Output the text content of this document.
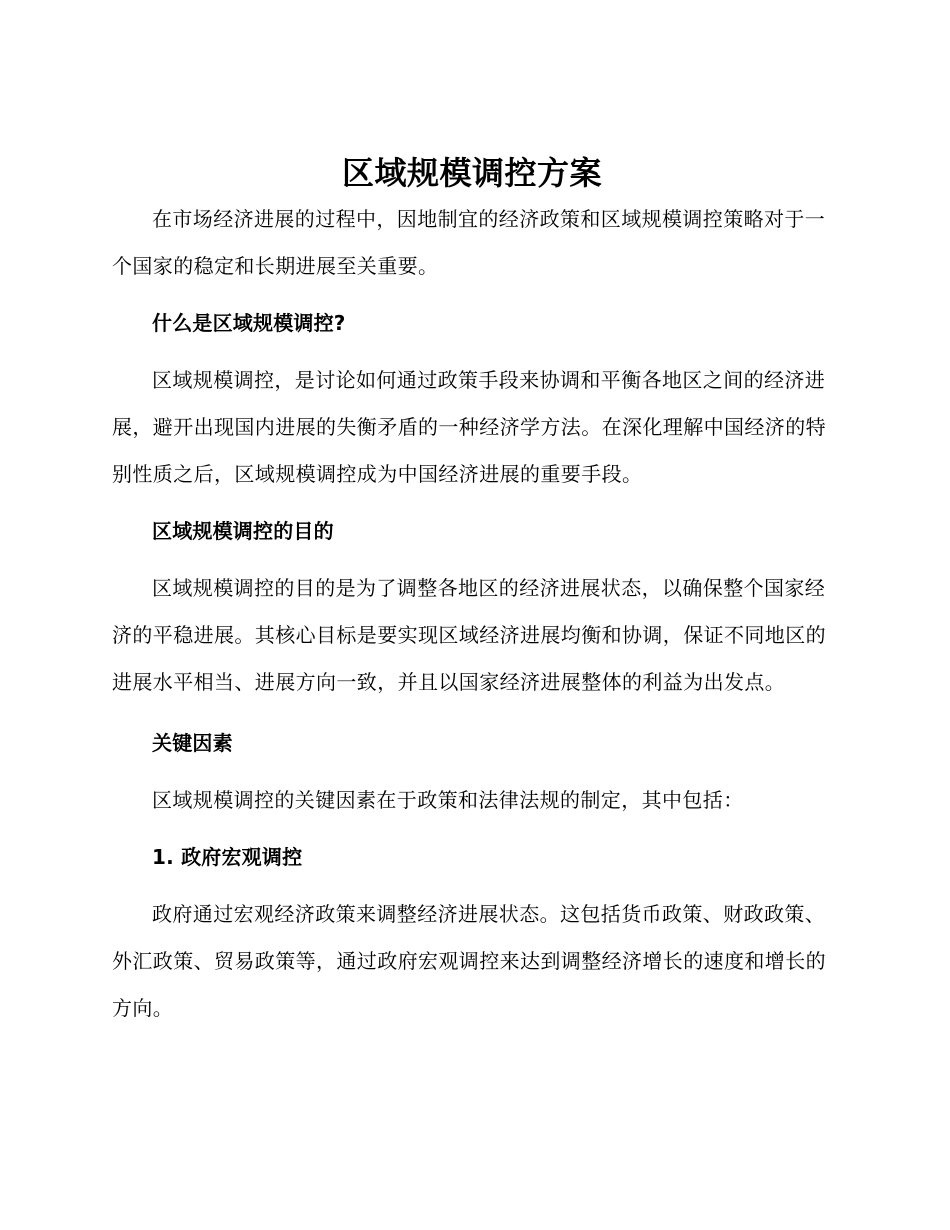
区域规模调控方案

在市场经济进展的过程中，因地制宜的经济政策和区域规模调控策略对于一个国家的稳定和长期进展至关重要。

什么是区域规模调控?

区域规模调控，是讨论如何通过政策手段来协调和平衡各地区之间的经济进展，避开出现国内进展的失衡矛盾的一种经济学方法。在深化理解中国经济的特别性质之后，区域规模调控成为中国经济进展的重要手段。

区域规模调控的目的

区域规模调控的目的是为了调整各地区的经济进展状态，以确保整个国家经济的平稳进展。其核心目标是要实现区域经济进展均衡和协调，保证不同地区的进展水平相当、进展方向一致，并且以国家经济进展整体的利益为出发点。

关键因素

区域规模调控的关键因素在于政策和法律法规的制定，其中包括：

1. 政府宏观调控

政府通过宏观经济政策来调整经济进展状态。这包括货币政策、财政政策、外汇政策、贸易政策等，通过政府宏观调控来达到调整经济增长的速度和增长的方向。
